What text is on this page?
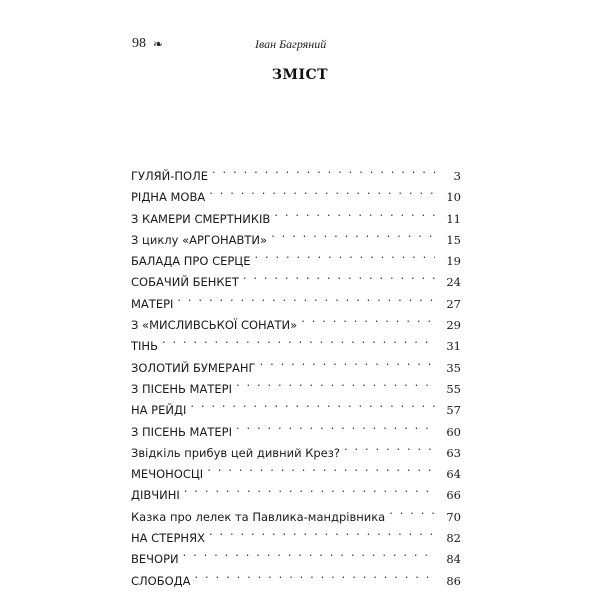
98 ❧	Іван Багряний
ЗМІСТ
ГУЛЯЙ-ПОЛЕ . . .	3
РІДНА МОВА . . .	10
З КАМЕРИ СМЕРТНИКІВ . . .	11
З циклу «АРГОНАВТИ» . . .	15
БАЛАДА ПРО СЕРЦЕ . . .	19
СОБАЧИЙ БЕНКЕТ . . .	24
МАТЕРІ . . .	27
З «МИСЛИВСЬКОЇ СОНАТИ» . . .	29
ТІНЬ . . .	31
ЗОЛОТИЙ БУМЕРАНГ . . .	35
З ПІСЕНЬ МАТЕРІ . . .	55
НА РЕЙДІ . . .	57
З ПІСЕНЬ МАТЕРІ . . .	60
Звідкіль прибув цей дивний Крез? . . .	63
МЕЧОНОСЦІ . . .	64
ДІВЧИНІ . . .	66
Казка про лелек та Павлика-мандрівника . . .	70
НА СТЕРНЯХ . . .	82
ВЕЧОРИ . . .	84
СЛОБОДА . . .	86
